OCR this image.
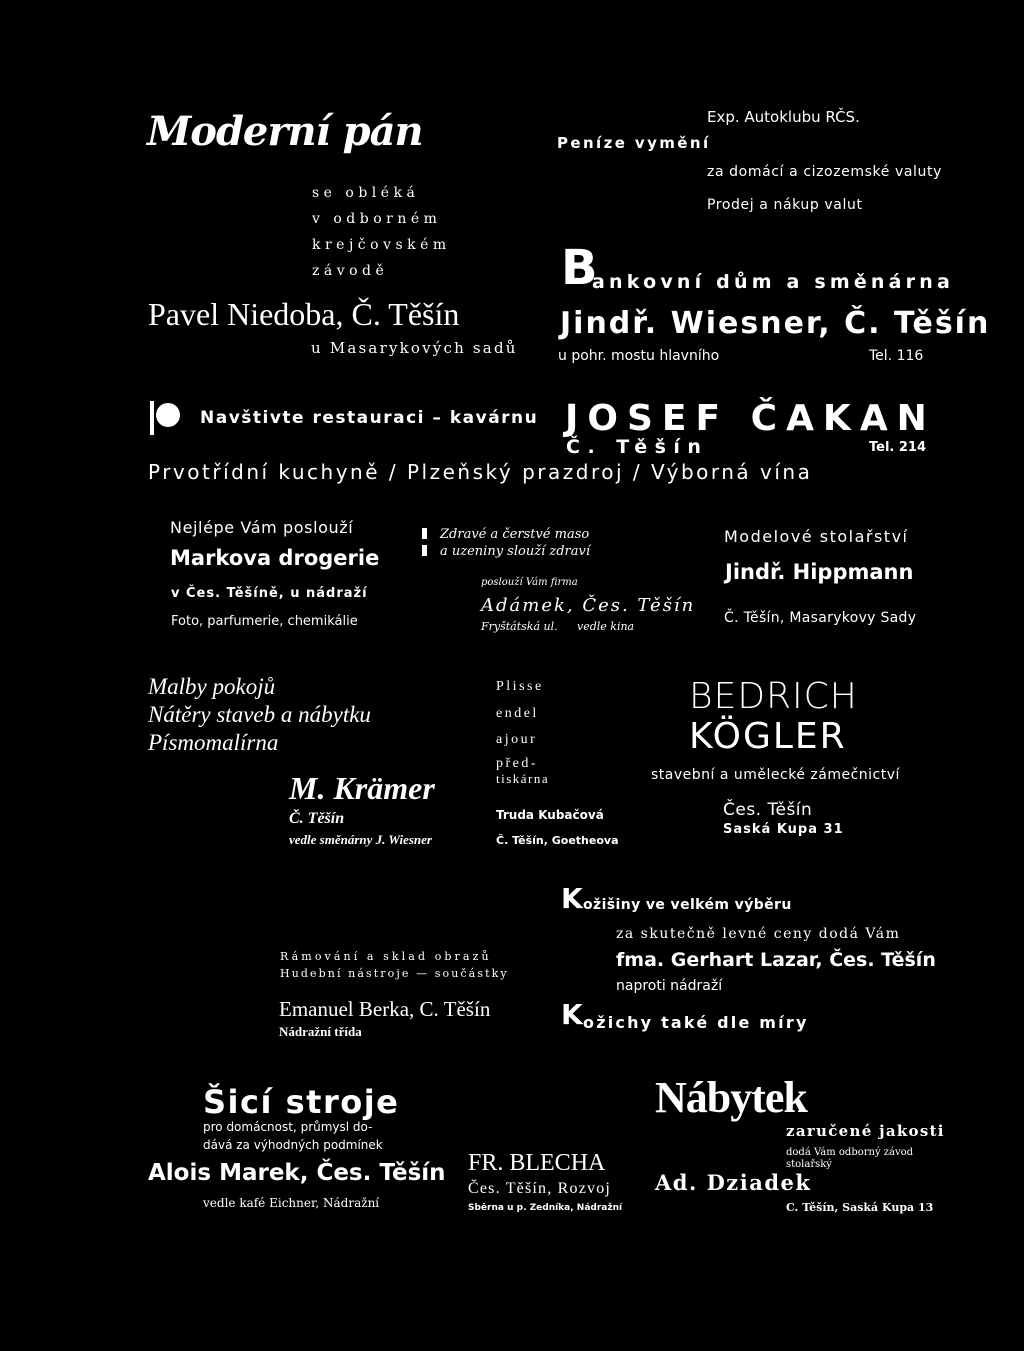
Moderní pán
se obléká
v odborném
krejčovském
závodě
Pavel Niedoba, Č. Těšín
u Masarykových sadů
Exp. Autoklubu RČS.
Peníze vymění
za domácí a cizozemské valuty
Prodej a nákup valut
B
ankovní dům a směnárna
Jindř. Wiesner, Č. Těšín
u pohr. mostu hlavního	Tel. 116
Navštivte restauraci – kavárnu JOSEF ČAKAN
Č. Těšín	Tel. 214
Prvotřídní kuchyně / Plzeňský prazdroj / Výborná vína
Nejlépe Vám poslouží
Markova drogerie
v Čes. Těšíně, u nádraží
Foto, parfumerie, chemikálie
Zdravé a čerstvé maso
a uzeniny slouží zdraví
poslouží Vám firma
Adámek, Čes. Těšín
Fryštátská ul. vedle kina
Modelové stolařství
Jindř. Hippmann
Č. Těšín, Masarykovy Sady
Malby pokojů
Nátěry staveb a nábytku
Písmomalírna
M. Krämer
Č. Těšín
vedle směnárny J. Wiesner
Plisse
endel
ajour
před-
tiskárna
Truda Kubačová
Č. Těšín, Goetheova
BEDRICH
KÖGLER
stavební a umělecké zámečnictví
Čes. Těšín
Saská Kupa 31
Rámování a sklad obrazů
Hudební nástroje — součástky
Emanuel Berka, C. Těšín
Nádražní třída
K ožišiny ve velkém výběru
za skutečně levné ceny dodá Vám
fma. Gerhart Lazar, Čes. Těšín
naproti nádraží
K ožichy také dle míry
Šicí stroje
pro domácnost, průmysl do-
dává za výhodných podmínek
Alois Marek, Čes. Těšín
vedle kafé Eichner, Nádražní
FR. BLECHA
Čes. Těšín, Rozvoj
Sběrna u p. Zedníka, Nádražní
Nábytek
zaručené jakosti
dodá Vám odborný závod
stolařský
Ad. Dziadek
C. Těšín, Saská Kupa 13
